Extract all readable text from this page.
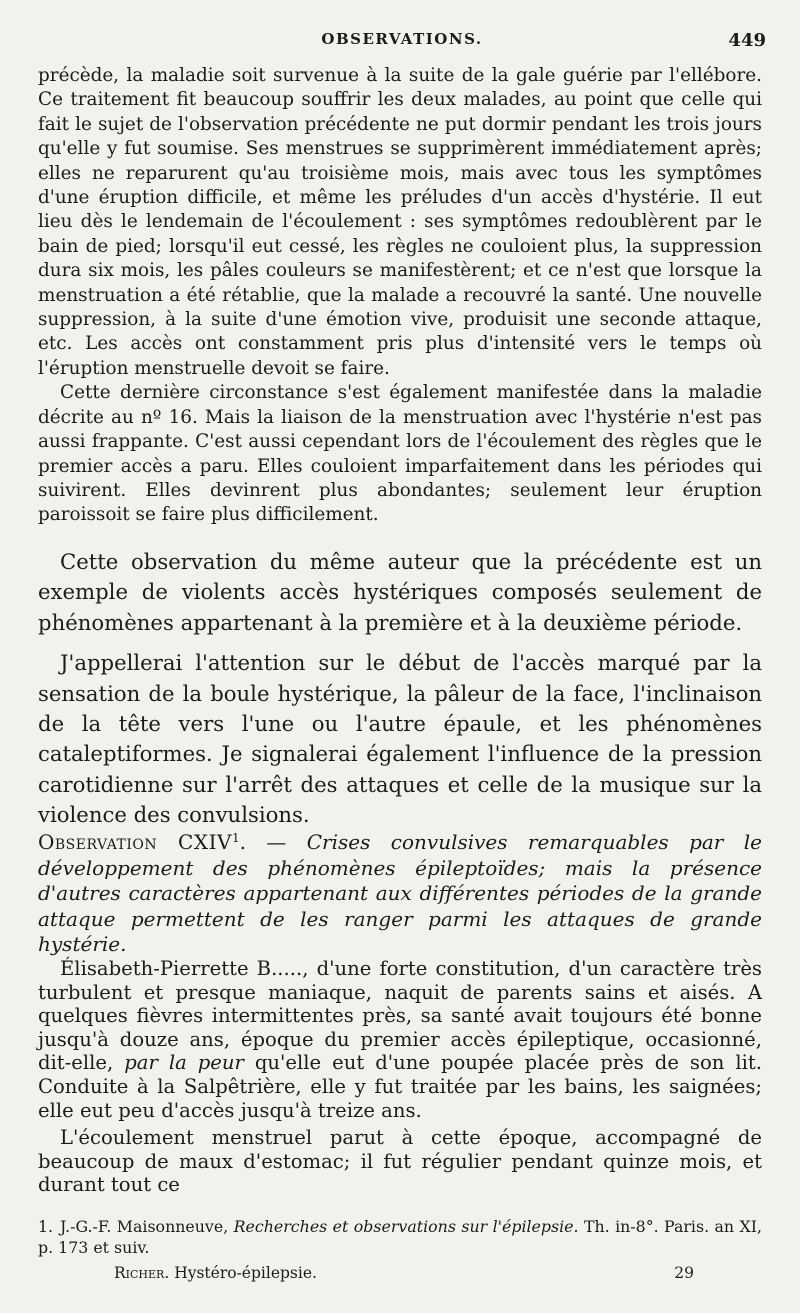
OBSERVATIONS.	449

précède, la maladie soit survenue à la suite de la gale guérie par l'ellébore. Ce traitement fit beaucoup souffrir les deux malades, au point que celle qui fait le sujet de l'observation précédente ne put dormir pendant les trois jours qu'elle y fut soumise. Ses menstrues se supprimèrent immédiatement après; elles ne reparurent qu'au troisième mois, mais avec tous les symptômes d'une éruption difficile, et même les préludes d'un accès d'hystérie. Il eut lieu dès le lendemain de l'écoulement : ses symptômes redoublèrent par le bain de pied; lorsqu'il eut cessé, les règles ne couloient plus, la suppression dura six mois, les pâles couleurs se manifestèrent; et ce n'est que lorsque la menstruation a été rétablie, que la malade a recouvré la santé. Une nouvelle suppression, à la suite d'une émotion vive, produisit une seconde attaque, etc. Les accès ont constamment pris plus d'intensité vers le temps où l'éruption menstruelle devoit se faire.

Cette dernière circonstance s'est également manifestée dans la maladie décrite au nº 16. Mais la liaison de la menstruation avec l'hystérie n'est pas aussi frappante. C'est aussi cependant lors de l'écoulement des règles que le premier accès a paru. Elles couloient imparfaitement dans les périodes qui suivirent. Elles devinrent plus abondantes; seulement leur éruption paroissoit se faire plus difficilement.

Cette observation du même auteur que la précédente est un exemple de violents accès hystériques composés seulement de phénomènes appartenant à la première et à la deuxième période.

J'appellerai l'attention sur le début de l'accès marqué par la sensation de la boule hystérique, la pâleur de la face, l'inclinaison de la tête vers l'une ou l'autre épaule, et les phénomènes cataleptiformes. Je signalerai également l'influence de la pression carotidienne sur l'arrêt des attaques et celle de la musique sur la violence des convulsions.

Observation CXIV$^1$. — Crises convulsives remarquables par le développement des phénomènes épileptoïdes; mais la présence d'autres caractères appartenant aux différentes périodes de la grande attaque permettent de les ranger parmi les attaques de grande hystérie.

Élisabeth-Pierrette B....., d'une forte constitution, d'un caractère très turbulent et presque maniaque, naquit de parents sains et aisés. A quelques fièvres intermittentes près, sa santé avait toujours été bonne jusqu'à douze ans, époque du premier accès épileptique, occasionné, dit-elle, par la peur qu'elle eut d'une poupée placée près de son lit. Conduite à la Salpêtrière, elle y fut traitée par les bains, les saignées; elle eut peu d'accès jusqu'à treize ans.

L'écoulement menstruel parut à cette époque, accompagné de beaucoup de maux d'estomac; il fut régulier pendant quinze mois, et durant tout ce

1. J.-G.-F. Maisonneuve, Recherches et observations sur l'épilepsie. Th. in-8°. Paris. an XI, p. 173 et suiv.
Richer. Hystéro-épilepsie.	29
